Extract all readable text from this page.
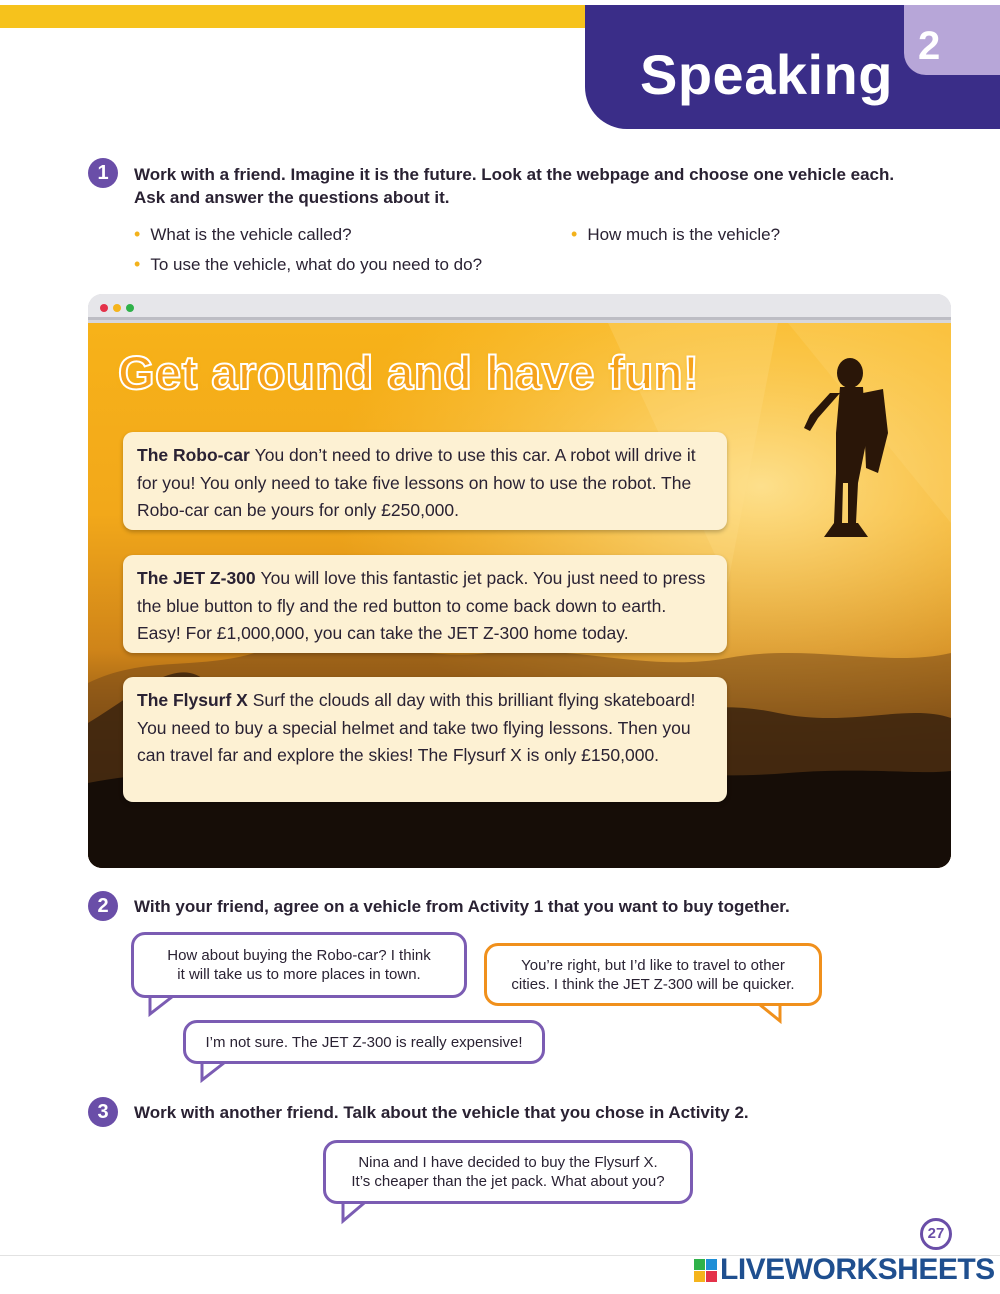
Speaking 2
1	Work with a friend. Imagine it is the future. Look at the webpage and choose one vehicle each.
Ask and answer the questions about it.
• What is the vehicle called?	• How much is the vehicle?
• To use the vehicle, what do you need to do?
Get around and have fun!
The Robo-car You don’t need to drive to use this car. A robot will drive it for you! You only need to take five lessons on how to use the robot. The Robo-car can be yours for only £250,000.
The JET Z-300 You will love this fantastic jet pack. You just need to press the blue button to fly and the red button to come back down to earth. Easy! For £1,000,000, you can take the JET Z-300 home today.
The Flysurf X Surf the clouds all day with this brilliant flying skateboard! You need to buy a special helmet and take two flying lessons. Then you can travel far and explore the skies! The Flysurf X is only £150,000.
2	With your friend, agree on a vehicle from Activity 1 that you want to buy together.
How about buying the Robo-car? I think
it will take us to more places in town.
You’re right, but I’d like to travel to other
cities. I think the JET Z-300 will be quicker.
I’m not sure. The JET Z-300 is really expensive!
3	Work with another friend. Talk about the vehicle that you chose in Activity 2.
Nina and I have decided to buy the Flysurf X.
It’s cheaper than the jet pack. What about you?
27
LIVEWORKSHEETS
